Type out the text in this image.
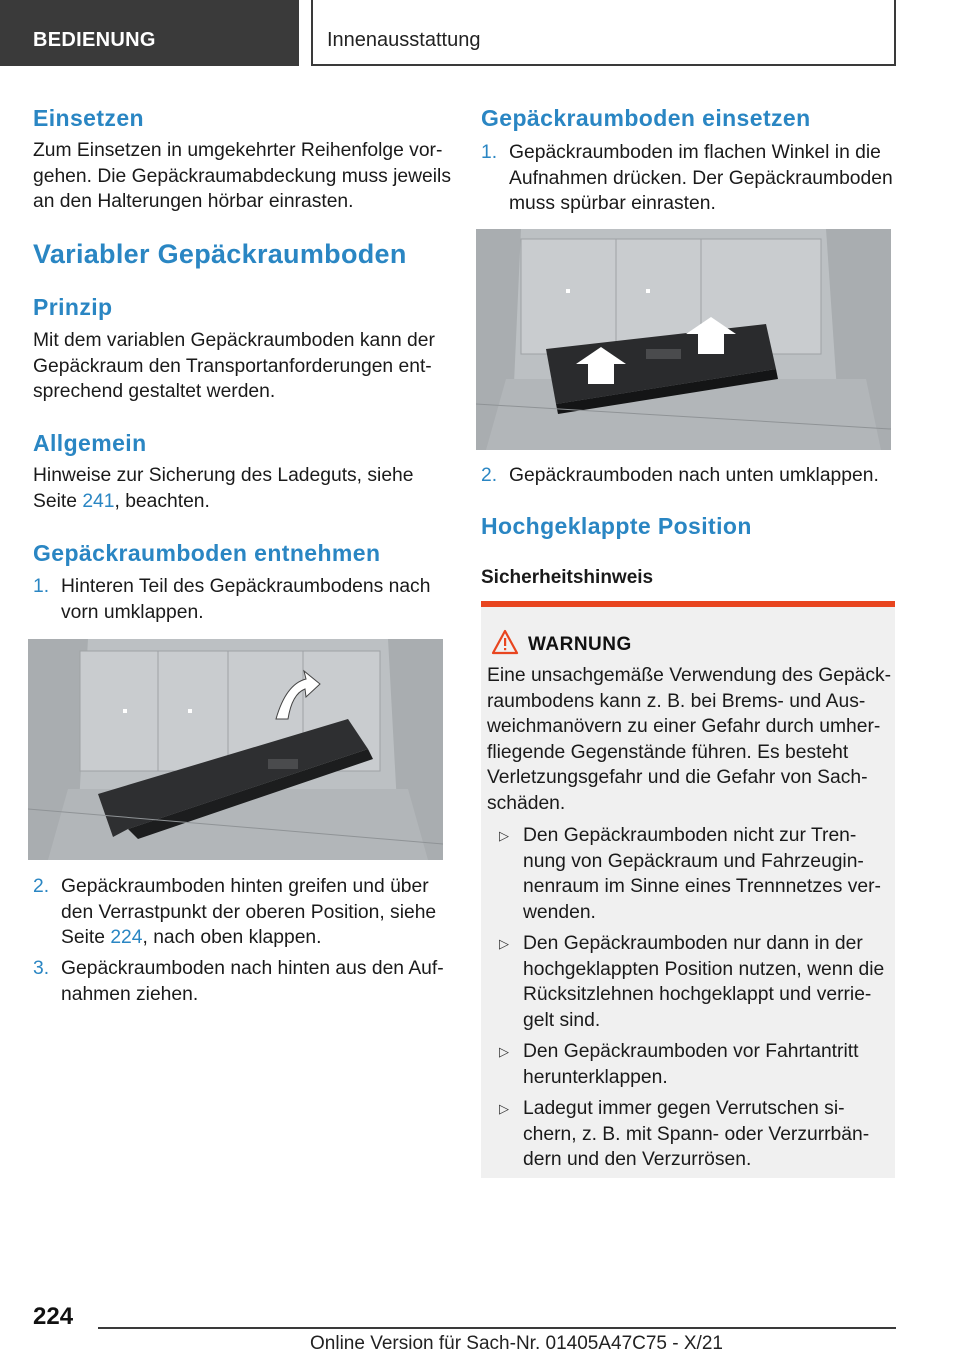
BEDIENUNG	Innenausstattung
Einsetzen
Zum Einsetzen in umgekehrter Reihenfolge vor-
gehen. Die Gepäckraumabdeckung muss jeweils
an den Halterungen hörbar einrasten.
Variabler Gepäckraumboden
Prinzip
Mit dem variablen Gepäckraumboden kann der
Gepäckraum den Transportanforderungen ent-
sprechend gestaltet werden.
Allgemein
Hinweise zur Sicherung des Ladeguts, siehe
Seite 241, beachten.
Gepäckraumboden entnehmen
1. Hinteren Teil des Gepäckraumbodens nach
vorn umklappen.
2. Gepäckraumboden hinten greifen und über
den Verrastpunkt der oberen Position, siehe
Seite 224, nach oben klappen.
3. Gepäckraumboden nach hinten aus den Auf-
nahmen ziehen.
Gepäckraumboden einsetzen
1. Gepäckraumboden im flachen Winkel in die
Aufnahmen drücken. Der Gepäckraumboden
muss spürbar einrasten.
2. Gepäckraumboden nach unten umklappen.
Hochgeklappte Position
Sicherheitshinweis
WARNUNG
Eine unsachgemäße Verwendung des Gepäck-
raumbodens kann z. B. bei Brems- und Aus-
weichmanövern zu einer Gefahr durch umher-
fliegende Gegenstände führen. Es besteht
Verletzungsgefahr und die Gefahr von Sach-
schäden.
▷ Den Gepäckraumboden nicht zur Tren-
nung von Gepäckraum und Fahrzeugin-
nenraum im Sinne eines Trennnetzes ver-
wenden.
▷ Den Gepäckraumboden nur dann in der
hochgeklappten Position nutzen, wenn die
Rücksitzlehnen hochgeklappt und verrie-
gelt sind.
▷ Den Gepäckraumboden vor Fahrtantritt
herunterklappen.
▷ Ladegut immer gegen Verrutschen si-
chern, z. B. mit Spann- oder Verzurrbän-
dern und den Verzurrösen.
224
Online Version für Sach-Nr. 01405A47C75 - X/21
